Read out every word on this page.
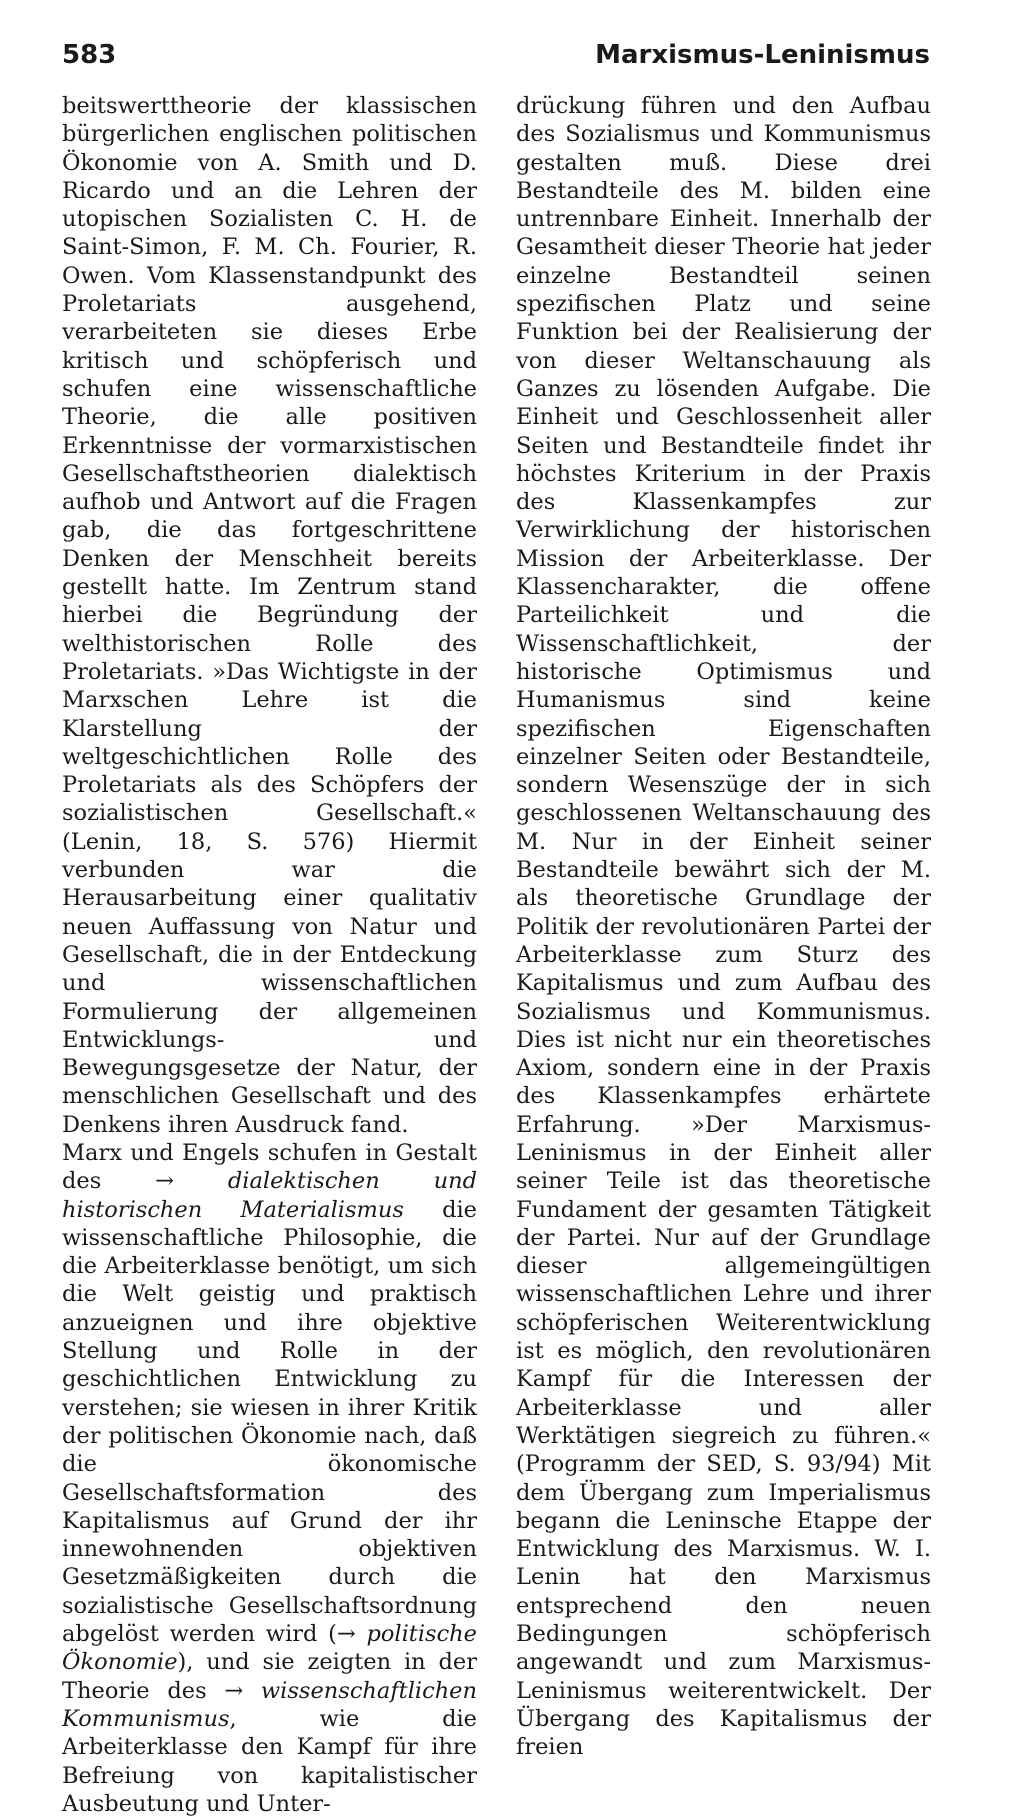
583	Marxismus-Leninismus

beitswerttheorie der klassischen bürgerlichen englischen politischen Ökonomie von A. Smith und D. Ricardo und an die Lehren der utopischen Sozialisten C. H. de Saint-Simon, F. M. Ch. Fourier, R. Owen. Vom Klassenstandpunkt des Proletariats ausgehend, verarbeiteten sie dieses Erbe kritisch und schöpferisch und schufen eine wissenschaftliche Theorie, die alle positiven Erkenntnisse der vormarxistischen Gesellschaftstheorien dialektisch aufhob und Antwort auf die Fragen gab, die das fortgeschrittene Denken der Menschheit bereits gestellt hatte. Im Zentrum stand hierbei die Begründung der welthistorischen Rolle des Proletariats. »Das Wichtigste in der Marxschen Lehre ist die Klarstellung der weltgeschichtlichen Rolle des Proletariats als des Schöpfers der sozialistischen Gesellschaft.« (Lenin, 18, S. 576) Hiermit verbunden war die Herausarbeitung einer qualitativ neuen Auffassung von Natur und Gesellschaft, die in der Entdeckung und wissenschaftlichen Formulierung der allgemeinen Entwicklungs- und Bewegungsgesetze der Natur, der menschlichen Gesellschaft und des Denkens ihren Ausdruck fand.

Marx und Engels schufen in Gestalt des → dialektischen und historischen Materialismus die wissenschaftliche Philosophie, die die Arbeiterklasse benötigt, um sich die Welt geistig und praktisch anzueignen und ihre objektive Stellung und Rolle in der geschichtlichen Entwicklung zu verstehen; sie wiesen in ihrer Kritik der politischen Ökonomie nach, daß die ökonomische Gesellschaftsformation des Kapitalismus auf Grund der ihr innewohnenden objektiven Gesetzmäßigkeiten durch die sozialistische Gesellschaftsordnung abgelöst werden wird (→ politische Ökonomie), und sie zeigten in der Theorie des → wissenschaftlichen Kommunismus, wie die Arbeiterklasse den Kampf für ihre Befreiung von kapitalistischer Ausbeutung und Unter-

drückung führen und den Aufbau des Sozialismus und Kommunismus gestalten muß. Diese drei Bestandteile des M. bilden eine untrennbare Einheit. Innerhalb der Gesamtheit dieser Theorie hat jeder einzelne Bestandteil seinen spezifischen Platz und seine Funktion bei der Realisierung der von dieser Weltanschauung als Ganzes zu lösenden Aufgabe. Die Einheit und Geschlossenheit aller Seiten und Bestandteile findet ihr höchstes Kriterium in der Praxis des Klassenkampfes zur Verwirklichung der historischen Mission der Arbeiterklasse. Der Klassencharakter, die offene Parteilichkeit und die Wissenschaftlichkeit, der historische Optimismus und Humanismus sind keine spezifischen Eigenschaften einzelner Seiten oder Bestandteile, sondern Wesenszüge der in sich geschlossenen Weltanschauung des M. Nur in der Einheit seiner Bestandteile bewährt sich der M. als theoretische Grundlage der Politik der revolutionären Partei der Arbeiterklasse zum Sturz des Kapitalismus und zum Aufbau des Sozialismus und Kommunismus. Dies ist nicht nur ein theoretisches Axiom, sondern eine in der Praxis des Klassenkampfes erhärtete Erfahrung. »Der Marxismus-Leninismus in der Einheit aller seiner Teile ist das theoretische Fundament der gesamten Tätigkeit der Partei. Nur auf der Grundlage dieser allgemeingültigen wissenschaftlichen Lehre und ihrer schöpferischen Weiterentwicklung ist es möglich, den revolutionären Kampf für die Interessen der Arbeiterklasse und aller Werktätigen siegreich zu führen.« (Programm der SED, S. 93/94) Mit dem Übergang zum Imperialismus begann die Leninsche Etappe der Entwicklung des Marxismus. W. I. Lenin hat den Marxismus entsprechend den neuen Bedingungen schöpferisch angewandt und zum Marxismus-Leninismus weiterentwickelt. Der Übergang des Kapitalismus der freien
